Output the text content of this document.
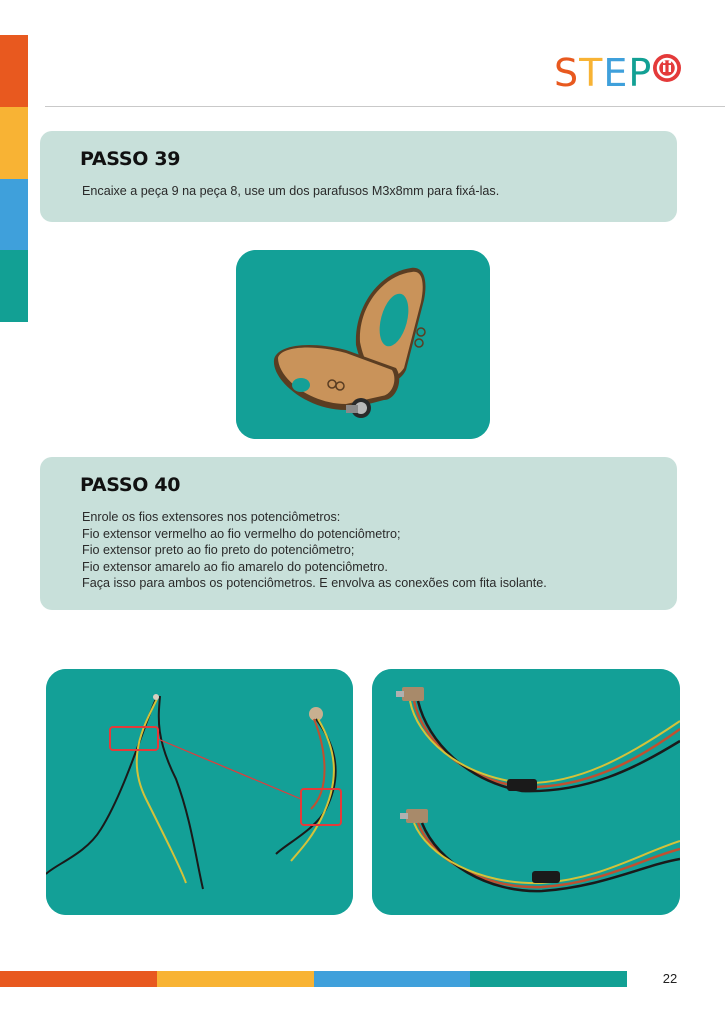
STEP
PASSO 39

Encaixe a peça 9 na peça 8, use um dos parafusos M3x8mm para fixá-las.

PASSO 40

Enrole os fios extensores nos potenciômetros:
Fio extensor vermelho ao fio vermelho do potenciômetro;
Fio extensor preto ao fio preto do potenciômetro;
Fio extensor amarelo ao fio amarelo do potenciômetro.
Faça isso para ambos os potenciômetros. E envolva as conexões com fita isolante.

22
